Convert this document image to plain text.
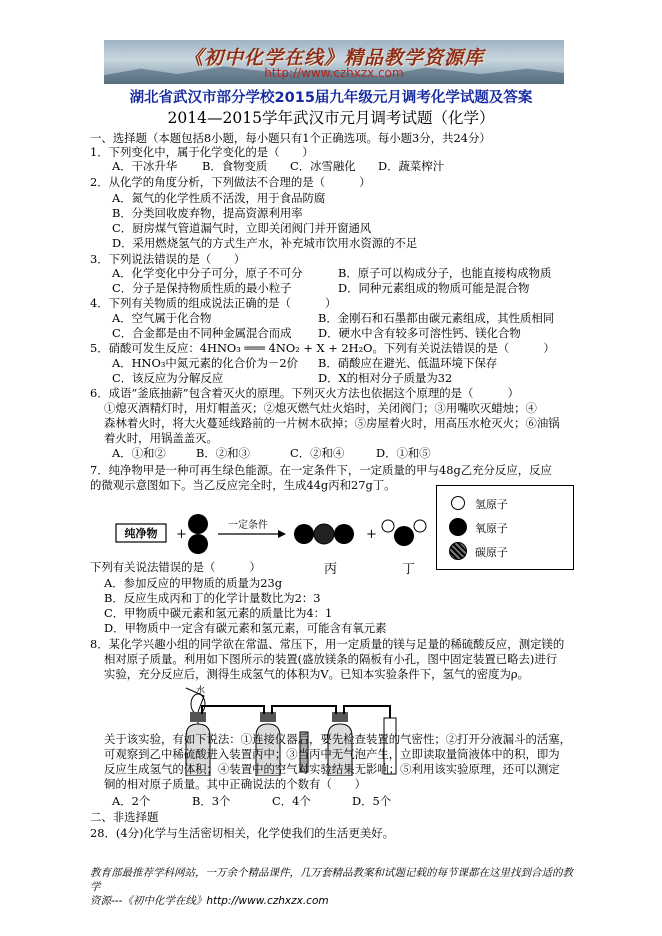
《初中化学在线》精品教学资源库
http://www.czhxzx.com
湖北省武汉市部分学校2015届九年级元月调考化学试题及答案
2014—2015学年武汉市元月调考试题（化学）
一、选择题（本题包括8小题，每小题只有1个正确选项。每小题3分，共24分）
1．下列变化中，属于化学变化的是（　　）
A．干冰升华 B．食物变质 C．冰雪融化 D．蔬菜榨汁
2．从化学的角度分析，下列做法不合理的是（　　　）
A．氮气的化学性质不活泼，用于食品防腐
B．分类回收废弃物，提高资源利用率
C．厨房煤气管道漏气时，立即关闭阀门并开窗通风
D．采用燃烧氢气的方式生产水，补充城市饮用水资源的不足
3．下列说法错误的是（　　）
A．化学变化中分子可分，原子不可分	B．原子可以构成分子，也能直接构成物质
C．分子是保持物质性质的最小粒子	D．同种元素组成的物质可能是混合物
4．下列有关物质的组成说法正确的是（　　　）
A．空气属于化合物	B．金刚石和石墨都由碳元素组成，其性质相同
C．合金都是由不同种金属混合而成 D．硬水中含有较多可溶性钙、镁化合物
5．硝酸可发生反应：4HNO₃ ═══ 4NO₂ + X + 2H₂O。下列有关说法错误的是（　　　）
A．HNO₃中氮元素的化合价为－2价 B．硝酸应在避光、低温环境下保存
C．该反应为分解反应	D．X的相对分子质量为32
6．成语“釜底抽薪”包含着灭火的原理。下列灭火方法也依据这个原理的是（　　　）
①熄灭酒精灯时，用灯帽盖灭；②熄灭燃气灶火焰时，关闭阀门；③用嘴吹灭蜡烛；④
森林着火时，将大火蔓延线路前的一片树木砍掉；⑤房屋着火时，用高压水枪灭火；⑥油锅
着火时，用锅盖盖灭。
A．①和②	B．②和③	C．②和④	D．①和⑤
7．纯净物甲是一种可再生绿色能源。在一定条件下，一定质量的甲与48g乙充分反应，反应
的微观示意图如下。当乙反应完全时，生成44g丙和27g丁。
纯净物 +
一定条件
+
丙	丁
氢原子
氧原子
碳原子
下列有关说法错误的是（　　　）
A．参加反应的甲物质的质量为23g
B．反应生成丙和丁的化学计量数比为2：3
C．甲物质中碳元素和氢元素的质量比为4：1
D．甲物质中一定含有碳元素和氢元素，可能含有氧元素
8．某化学兴趣小组的同学欲在常温、常压下，用一定质量的镁与足量的稀硫酸反应，测定镁的
相对原子质量。利用如下图所示的装置(盛放镁条的隔板有小孔，图中固定装置已略去)进行
实验，充分反应后，测得生成氢气的体积为V。已知本实验条件下，氢气的密度为ρ。
水
关于该实验，有如下说法：①连接仪器后，要先检查装置的气密性；②打开分液漏斗的活塞，
可观察到乙中稀硫酸进入装置丙中；③当丙中无气泡产生，立即读取量筒液体中的积，即为
反应生成氢气的体积；④装置中的空气对实验结果无影响；⑤利用该实验原理，还可以测定
铜的相对原子质量。其中正确说法的个数有（　　）
A．2个	B．3个	C．4个	D．5个
二、非选择题
28．(4分)化学与生活密切相关，化学使我们的生活更美好。
教育部最推荐学科网站，一万余个精品课件，几万套精品教案和试题记载的每节课都在这里找到合适的教学
资源---《初中化学在线》http://www.czhxzx.com
